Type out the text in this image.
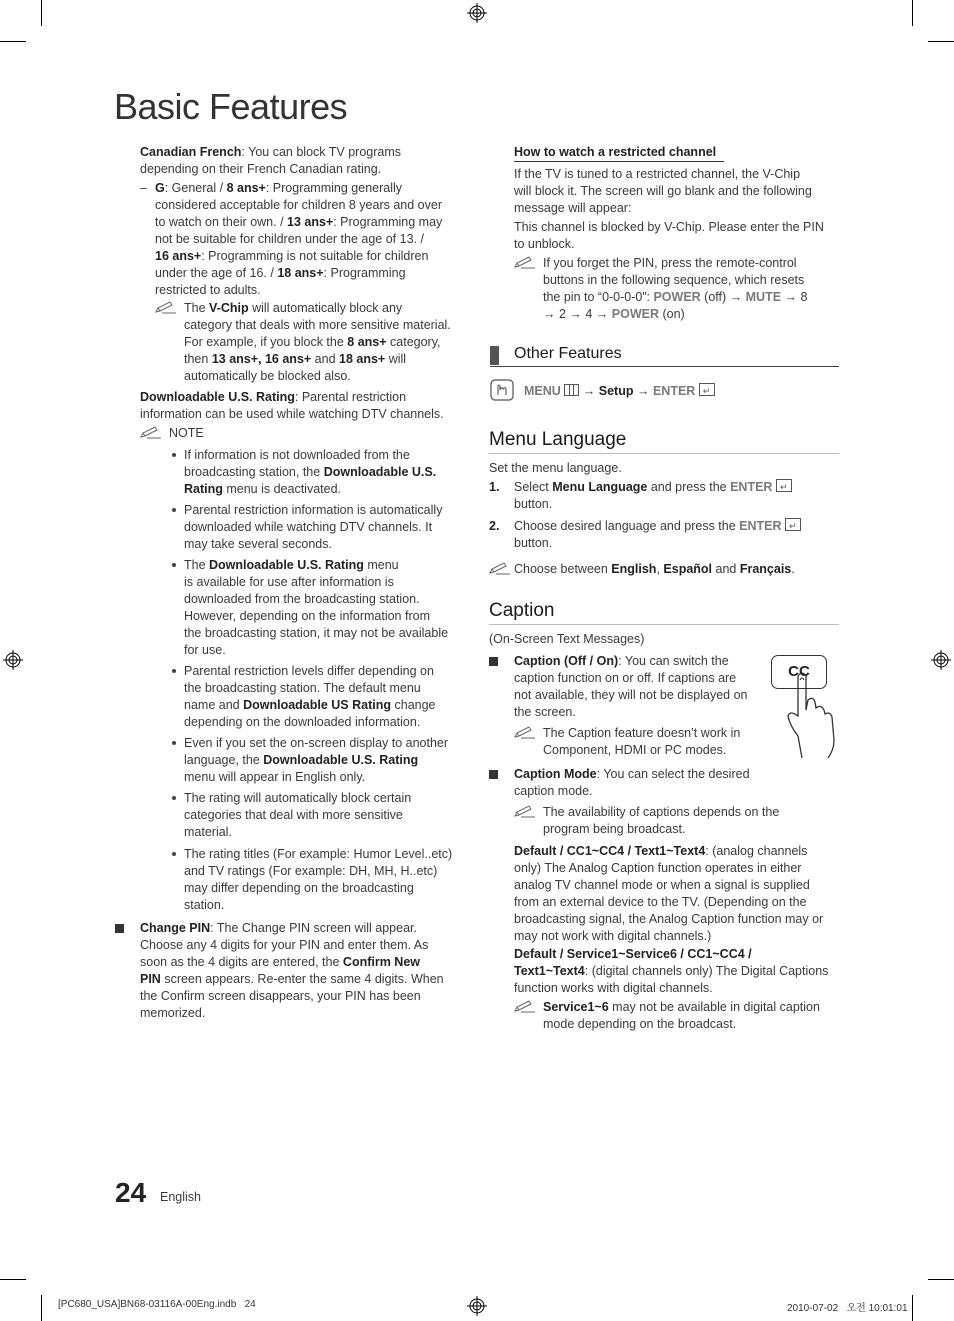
Basic Features
Canadian French: You can block TV programs depending on their French Canadian rating.
– G: General / 8 ans+: Programming generally
considered acceptable for children 8 years and over
to watch on their own. / 13 ans+: Programming may
not be suitable for children under the age of 13. /
16 ans+: Programming is not suitable for children
under the age of 16. / 18 ans+: Programming
restricted to adults.
The V-Chip will automatically block any
category that deals with more sensitive material.
For example, if you block the 8 ans+ category,
then 13 ans+, 16 ans+ and 18 ans+ will
automatically be blocked also.
Downloadable U.S. Rating: Parental restriction
information can be used while watching DTV channels.
NOTE
If information is not downloaded from the
broadcasting station, the Downloadable U.S.
Rating menu is deactivated.
Parental restriction information is automatically
downloaded while watching DTV channels. It
may take several seconds.
The Downloadable U.S. Rating menu
is available for use after information is
downloaded from the broadcasting station.
However, depending on the information from
the broadcasting station, it may not be available
for use.
Parental restriction levels differ depending on
the broadcasting station. The default menu
name and Downloadable US Rating change
depending on the downloaded information.
Even if you set the on-screen display to another
language, the Downloadable U.S. Rating
menu will appear in English only.
The rating will automatically block certain
categories that deal with more sensitive
material.
The rating titles (For example: Humor Level..etc)
and TV ratings (For example: DH, MH, H..etc)
may differ depending on the broadcasting
station.
Change PIN: The Change PIN screen will appear.
Choose any 4 digits for your PIN and enter them. As
soon as the 4 digits are entered, the Confirm New
PIN screen appears. Re-enter the same 4 digits. When
the Confirm screen disappears, your PIN has been
memorized.
How to watch a restricted channel
If the TV is tuned to a restricted channel, the V-Chip
will block it. The screen will go blank and the following
message will appear:
This channel is blocked by V-Chip. Please enter the PIN
to unblock.
If you forget the PIN, press the remote-control
buttons in the following sequence, which resets
the pin to “0-0-0-0”: POWER (off) → MUTE → 8
→ 2 → 4 → POWER (on)
Other Features
MENU → Setup → ENTER ↵
Menu Language
Set the menu language.
1. Select Menu Language and press the ENTER ↵
button.
2. Choose desired language and press the ENTER ↵
button.
Choose between English, Español and Français.
Caption
(On-Screen Text Messages)
Caption (Off / On): You can switch the
caption function on or off. If captions are
not available, they will not be displayed on
the screen.
CC
The Caption feature doesn’t work in
Component, HDMI or PC modes.
Caption Mode: You can select the desired
caption mode.
The availability of captions depends on the
program being broadcast.
Default / CC1~CC4 / Text1~Text4: (analog channels
only) The Analog Caption function operates in either
analog TV channel mode or when a signal is supplied
from an external device to the TV. (Depending on the
broadcasting signal, the Analog Caption function may or
may not work with digital channels.)
Default / Service1~Service6 / CC1~CC4 /
Text1~Text4: (digital channels only) The Digital Captions
function works with digital channels.
Service1~6 may not be available in digital caption
mode depending on the broadcast.
24 English
[PC680_USA]BN68-03116A-00Eng.indb   24	2010-07-02   오전 10:01:01
